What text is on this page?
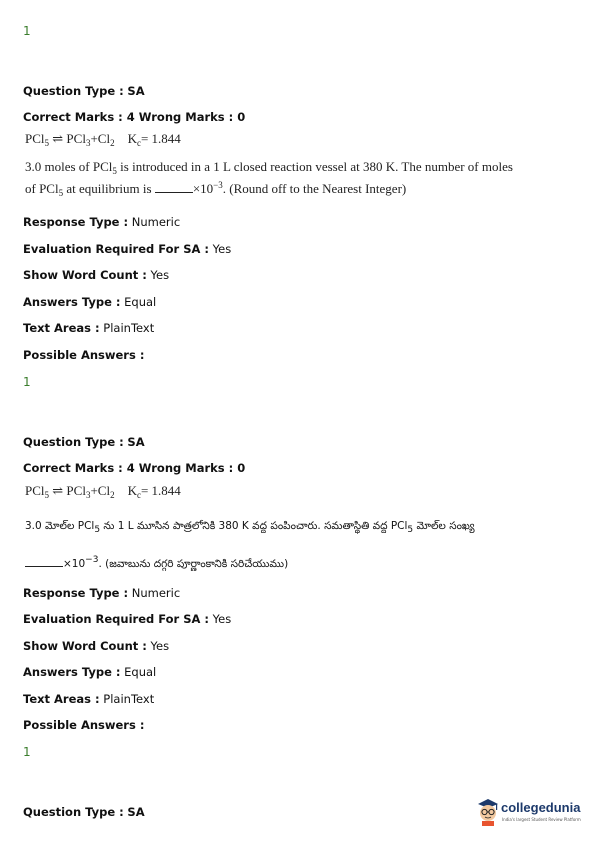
1
Question Type : SA
Correct Marks : 4 Wrong Marks : 0
PCl$_5$ ⇌ $PCl_3+Cl_2$ $K_c= 1.844$
3.0 moles of PCl$_5$ is introduced in a 1 L closed reaction vessel at 380 K. The number of moles
of PCl$_5$ at equilibrium is	$\times 10^{-3}$. (Round off to the Nearest Integer)
Response Type : Numeric
Evaluation Required For SA : Yes
Show Word Count : Yes
Answers Type : Equal
Text Areas : PlainText
Possible Answers :
1
Question Type : SA
Correct Marks : 4 Wrong Marks : 0
PCl$_5$ ⇌ $PCl_3+Cl_2$ $K_c= 1.844$
3.0 మోల్‌ల PCl$_5$ ను 1 L మూసిన పాత్రలోనికి 380 K వద్ద పంపించారు. సమతాస్థితి వద్ద PCl$_5$ మోల్‌ల సంఖ్య
$\times 10^{-3}$. (జవాబును దగ్గరి పూర్ణాంకానికి సరిచేయుము)
Response Type : Numeric
Evaluation Required For SA : Yes
Show Word Count : Yes
Answers Type : Equal
Text Areas : PlainText
Possible Answers :
1
Question Type : SA	collegedunia
India's largest Student Review Platform
